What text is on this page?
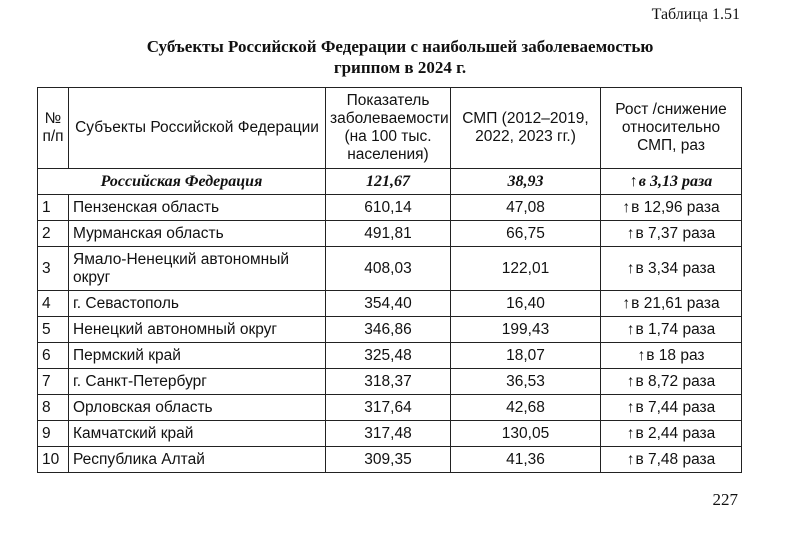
Таблица 1.51
Субъекты Российской Федерации с наибольшей заболеваемостью
гриппом в 2024 г.
№ п/п	Субъекты Российской Федерации	Показатель заболеваемости (на 100 тыс. населения)	СМП (2012–2019, 2022, 2023 гг.)	Рост /снижение относительно СМП, раз
Российская Федерация		121,67	38,93	↑в 3,13 раза
1	Пензенская область	610,14	47,08	↑в 12,96 раза
2	Мурманская область	491,81	66,75	↑в 7,37 раза
3	Ямало-Ненецкий автономный округ	408,03	122,01	↑в 3,34 раза
4	г. Севастополь	354,40	16,40	↑в 21,61 раза
5	Ненецкий автономный округ	346,86	199,43	↑в 1,74 раза
6	Пермский край	325,48	18,07	↑в 18 раз
7	г. Санкт-Петербург	318,37	36,53	↑в 8,72 раза
8	Орловская область	317,64	42,68	↑в 7,44 раза
9	Камчатский край	317,48	130,05	↑в 2,44 раза
10	Республика Алтай	309,35	41,36	↑в 7,48 раза
227
